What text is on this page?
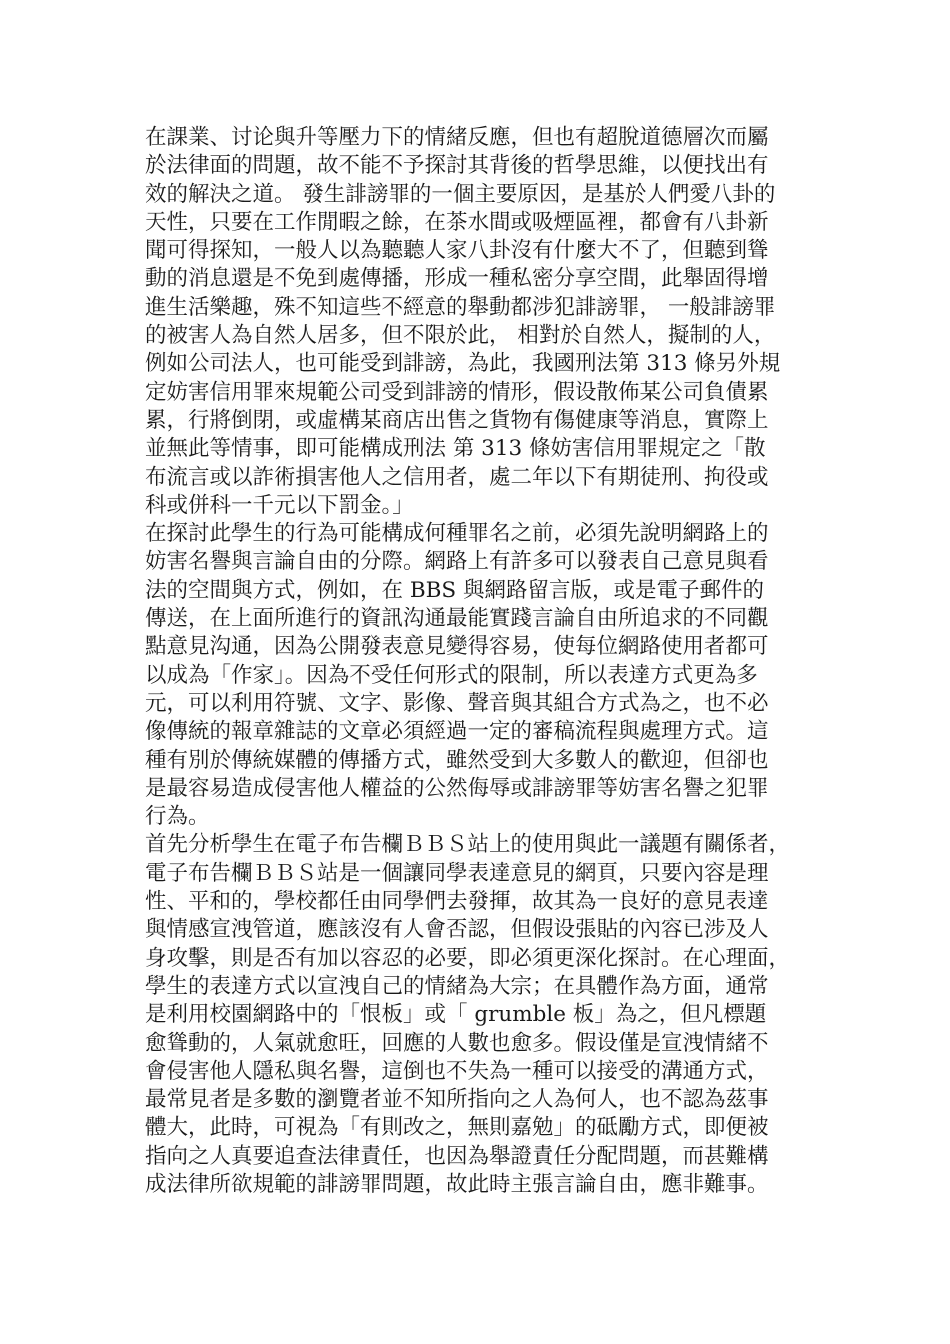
在課業、讨论與升等壓力下的情緒反應，但也有超脫道德層次而屬
於法律面的問題，故不能不予探討其背後的哲學思維，以便找出有
效的解決之道。 發生誹謗罪的一個主要原因，是基於人們愛八卦的
天性，只要在工作閒暇之餘，在茶水間或吸煙區裡，都會有八卦新
聞可得探知，一般人以為聽聽人家八卦沒有什麼大不了，但聽到聳
動的消息還是不免到處傳播，形成一種私密分享空間，此舉固得增
進生活樂趣，殊不知這些不經意的舉動都涉犯誹謗罪， 一般誹謗罪
的被害人為自然人居多，但不限於此， 相對於自然人，擬制的人，
例如公司法人，也可能受到誹謗，為此，我國刑法第 313 條另外規
定妨害信用罪來規範公司受到誹謗的情形，假设散佈某公司負債累
累，行將倒閉，或虛構某商店出售之貨物有傷健康等消息，實際上
並無此等情事，即可能構成刑法 第 313 條妨害信用罪規定之「散
布流言或以詐術損害他人之信用者，處二年以下有期徒刑、拘役或
科或併科一千元以下罰金。」
在探討此學生的行為可能構成何種罪名之前，必須先說明網路上的
妨害名譽與言論自由的分際。網路上有許多可以發表自己意見與看
法的空間與方式，例如，在 BBS 與網路留言版，或是電子郵件的
傳送，在上面所進行的資訊沟通最能實踐言論自由所追求的不同觀
點意見沟通，因為公開發表意見變得容易，使每位網路使用者都可
以成為「作家」。因為不受任何形式的限制，所以表達方式更為多
元，可以利用符號、文字、影像、聲音與其組合方式為之，也不必
像傳統的報章雜誌的文章必須經過一定的審稿流程與處理方式。這
種有別於傳統媒體的傳播方式，雖然受到大多數人的歡迎，但卻也
是最容易造成侵害他人權益的公然侮辱或誹謗罪等妨害名譽之犯罪
行為。
首先分析學生在電子布告欄ＢＢＳ站上的使用與此一議題有關係者，
電子布告欄ＢＢＳ站是一個讓同學表達意見的網頁，只要內容是理
性、平和的，學校都任由同學們去發揮，故其為一良好的意見表達
與情感宣洩管道，應該沒有人會否認，但假设張貼的內容已涉及人
身攻擊，則是否有加以容忍的必要，即必須更深化探討。在心理面，
學生的表達方式以宣洩自己的情緒為大宗；在具體作為方面，通常
是利用校園網路中的「恨板」或「 grumble 板」為之，但凡標題
愈聳動的，人氣就愈旺，回應的人數也愈多。假设僅是宣洩情緒不
會侵害他人隱私與名譽，這倒也不失為一種可以接受的溝通方式，
最常見者是多數的瀏覽者並不知所指向之人為何人，也不認為茲事
體大，此時，可視為「有則改之，無則嘉勉」的砥勵方式，即便被
指向之人真要追查法律責任，也因為舉證責任分配問題，而甚難構
成法律所欲規範的誹謗罪問題，故此時主張言論自由，應非難事。
